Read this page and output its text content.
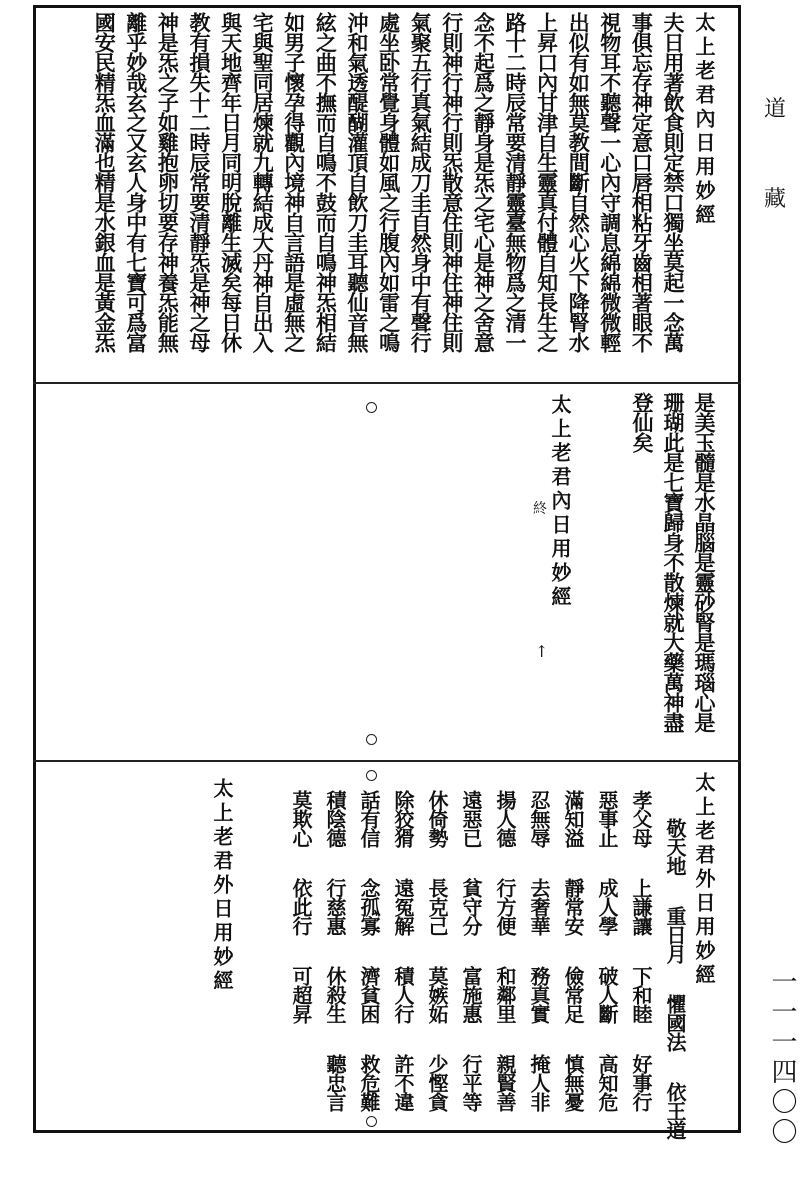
道
藏
一一一四〇〇
太上老君內日用妙經
夫日用著飲食則定禁口獨坐莫起一念萬
事俱忘存神定意口唇相粘牙齒相著眼不
視物耳不聽聲一心內守調息綿綿微微輕
出似有如無莫教間斷自然心火下降腎水
上昇口內甘津自生靈真付體自知長生之
路十二時辰常要清靜靈臺無物爲之清一
念不起爲之靜身是炁之宅心是神之舍意
行則神行神行則炁散意住則神住神住則
氣聚五行真氣結成刀圭自然身中有聲行
處坐卧常覺身體如風之行腹內如雷之鳴
沖和氣透醍醐灌頂自飲刀圭耳聽仙音無
絃之曲不撫而自鳴不鼓而自鳴神炁相結
如男子懷孕得觀內境神自言語是虛無之
宅與聖同居煉就九轉結成大丹神自出入
與天地齊年日月同明脫離生滅矣每日休
教有損失十二時辰常要清靜炁是神之母
神是炁之子如雞抱卵切要存神養炁能無
離乎妙哉玄之又玄人身中有七寶可爲富
國安民精炁血滿也精是水銀血是黃金炁
是美玉髓是水晶腦是靈砂腎是瑪瑙心是
珊瑚此是七寶歸身不散煉就大藥萬神盡
登仙矣
太上老君內日用妙經
終
↑
太上老君外日用妙經
敬天地
重日月
懼國法
依王道
孝父母
上謙讓
下和睦
好事行
惡事止
成人學
破人斷
高知危
滿知溢
靜常安
儉常足
慎無憂
忍無辱
去奢華
務真實
掩人非
揚人德
行方便
和鄰里
親賢善
遠惡已
貧守分
富施惠
行平等
休倚勢
長克己
莫嫉妬
少慳貪
除狡猾
遠冤解
積人行
許不違
話有信
念孤寡
濟貧困
救危難
積陰德
行慈惠
休殺生
聽忠言
莫欺心
依此行
可超昇
太上老君外日用妙經
